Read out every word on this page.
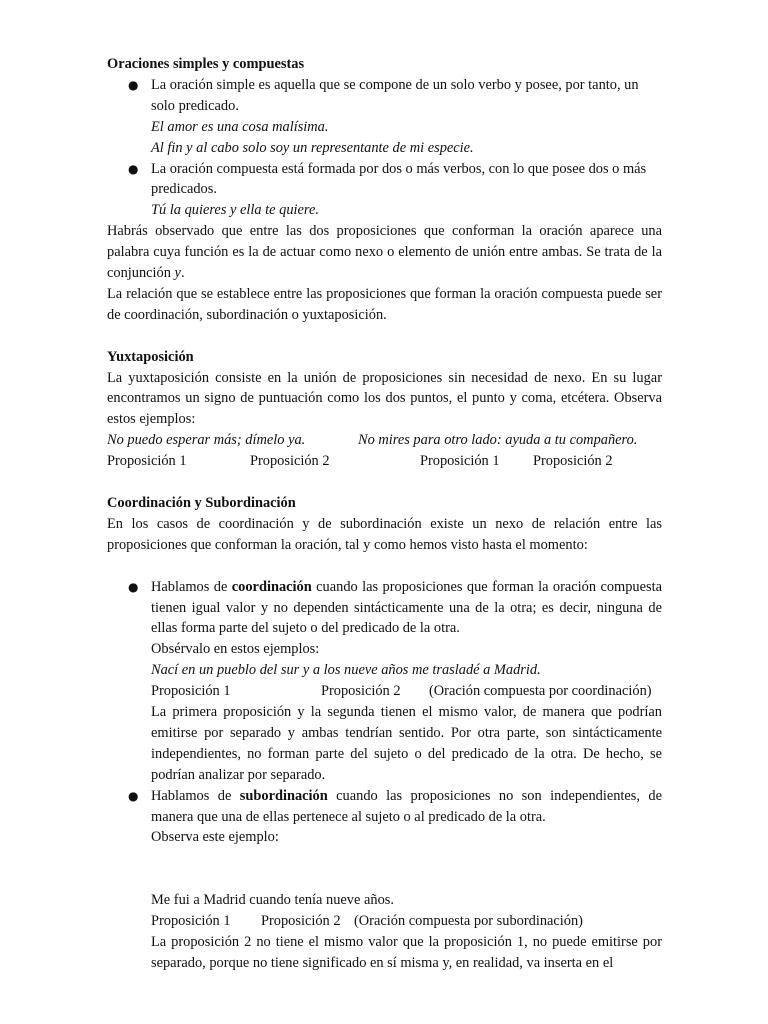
Oraciones simples y compuestas

● La oración simple es aquella que se compone de un solo verbo y posee, por tanto, un solo predicado.

El amor es una cosa malísima.

Al fin y al cabo solo soy un representante de mi especie.

● La oración compuesta está formada por dos o más verbos, con lo que posee dos o más predicados.

Tú la quieres y ella te quiere.

Habrás observado que entre las dos proposiciones que conforman la oración aparece una palabra cuya función es la de actuar como nexo o elemento de unión entre ambas. Se trata de la conjunción y.

La relación que se establece entre las proposiciones que forman la oración compuesta puede ser de coordinación, subordinación o yuxtaposición.

Yuxtaposición

La yuxtaposición consiste en la unión de proposiciones sin necesidad de nexo. En su lugar encontramos un signo de puntuación como los dos puntos, el punto y coma, etcétera. Observa estos ejemplos:

No puedo esperar más; dímelo ya.	No mires para otro lado: ayuda a tu compañero.
Proposición 1	Proposición 2	Proposición 1	Proposición 2

Coordinación y Subordinación

En los casos de coordinación y de subordinación existe un nexo de relación entre las proposiciones que conforman la oración, tal y como hemos visto hasta el momento:

● Hablamos de coordinación cuando las proposiciones que forman la oración compuesta tienen igual valor y no dependen sintácticamente una de la otra; es decir, ninguna de ellas forma parte del sujeto o del predicado de la otra.

Obsérvalo en estos ejemplos:

Nací en un pueblo del sur y a los nueve años me trasladé a Madrid.

Proposición 1	Proposición 2	(Oración compuesta por coordinación)

La primera proposición y la segunda tienen el mismo valor, de manera que podrían emitirse por separado y ambas tendrían sentido. Por otra parte, son sintácticamente independientes, no forman parte del sujeto o del predicado de la otra. De hecho, se podrían analizar por separado.

● Hablamos de subordinación cuando las proposiciones no son independientes, de manera que una de ellas pertenece al sujeto o al predicado de la otra.

Observa este ejemplo:

Me fui a Madrid cuando tenía nueve años.

Proposición 1	Proposición 2 (Oración compuesta por subordinación)

La proposición 2 no tiene el mismo valor que la proposición 1, no puede emitirse por separado, porque no tiene significado en sí misma y, en realidad, va inserta en el
